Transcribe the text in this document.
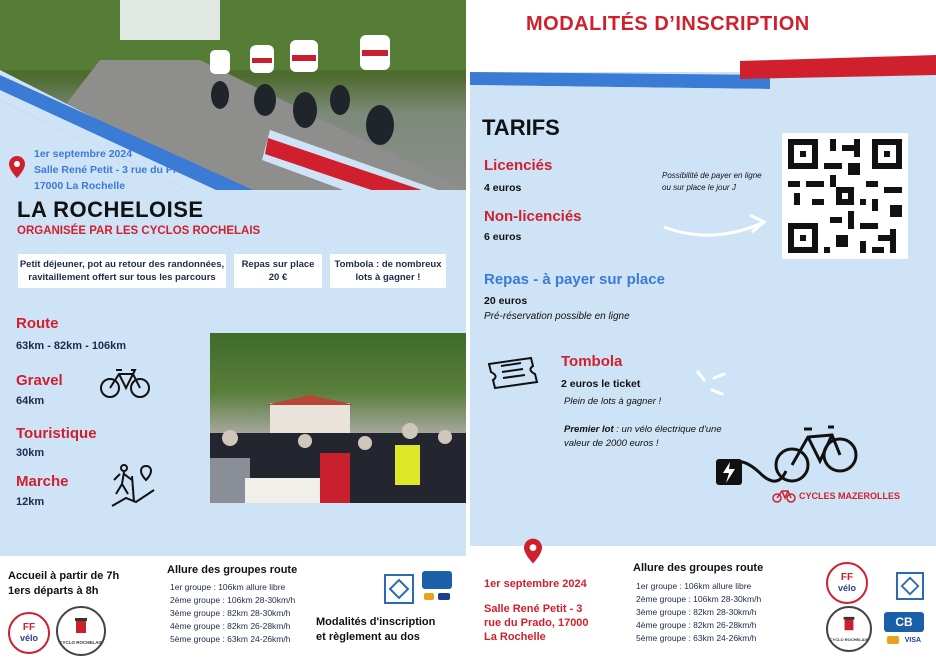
1er septembre 2024
Salle René Petit - 3 rue du Prado,
17000 La Rochelle
LA ROCHELOISE
ORGANISÉE PAR LES CYCLOS ROCHELAIS
Petit déjeuner, pot au retour des randonnées,
ravitaillement offert sur tous les parcours
Repas sur place
20 €
Tombola : de nombreux
lots à gagner !
Route
63km - 82km - 106km
Gravel
64km
Touristique
30km
Marche
12km
Accueil à partir de 7h
1ers départs à 8h
FF
vélo	CYCLO ROCHELAIS
Allure des groupes route
1er groupe : 106km allure libre
2ème groupe : 106km 28-30km/h
3ème groupe : 82km 28-30km/h
4ème groupe : 82km 26-28km/h
5ème groupe : 63km 24-26km/h
Modalités d'inscription
et règlement au dos
MODALITÉS D’INSCRIPTION
TARIFS
Licenciés
4 euros
Non-licenciés
6 euros
Possibilité de payer en ligne
ou sur place le jour J
Repas - à payer sur place
20 euros
Pré-réservation possible en ligne
Tombola
2 euros le ticket
Plein de lots à gagner !
Premier lot : un vélo électrique d'une
valeur de 2000 euros !
CYCLES MAZEROLLES
1er septembre 2024
Salle René Petit - 3
rue du Prado, 17000
La Rochelle
Allure des groupes route
1er groupe : 106km allure libre
2ème groupe : 106km 28-30km/h
3ème groupe : 82km 28-30km/h
4ème groupe : 82km 26-28km/h
5ème groupe : 63km 24-26km/h
FF
vélo
CYCLO ROCHELAIS
CB
VISA
